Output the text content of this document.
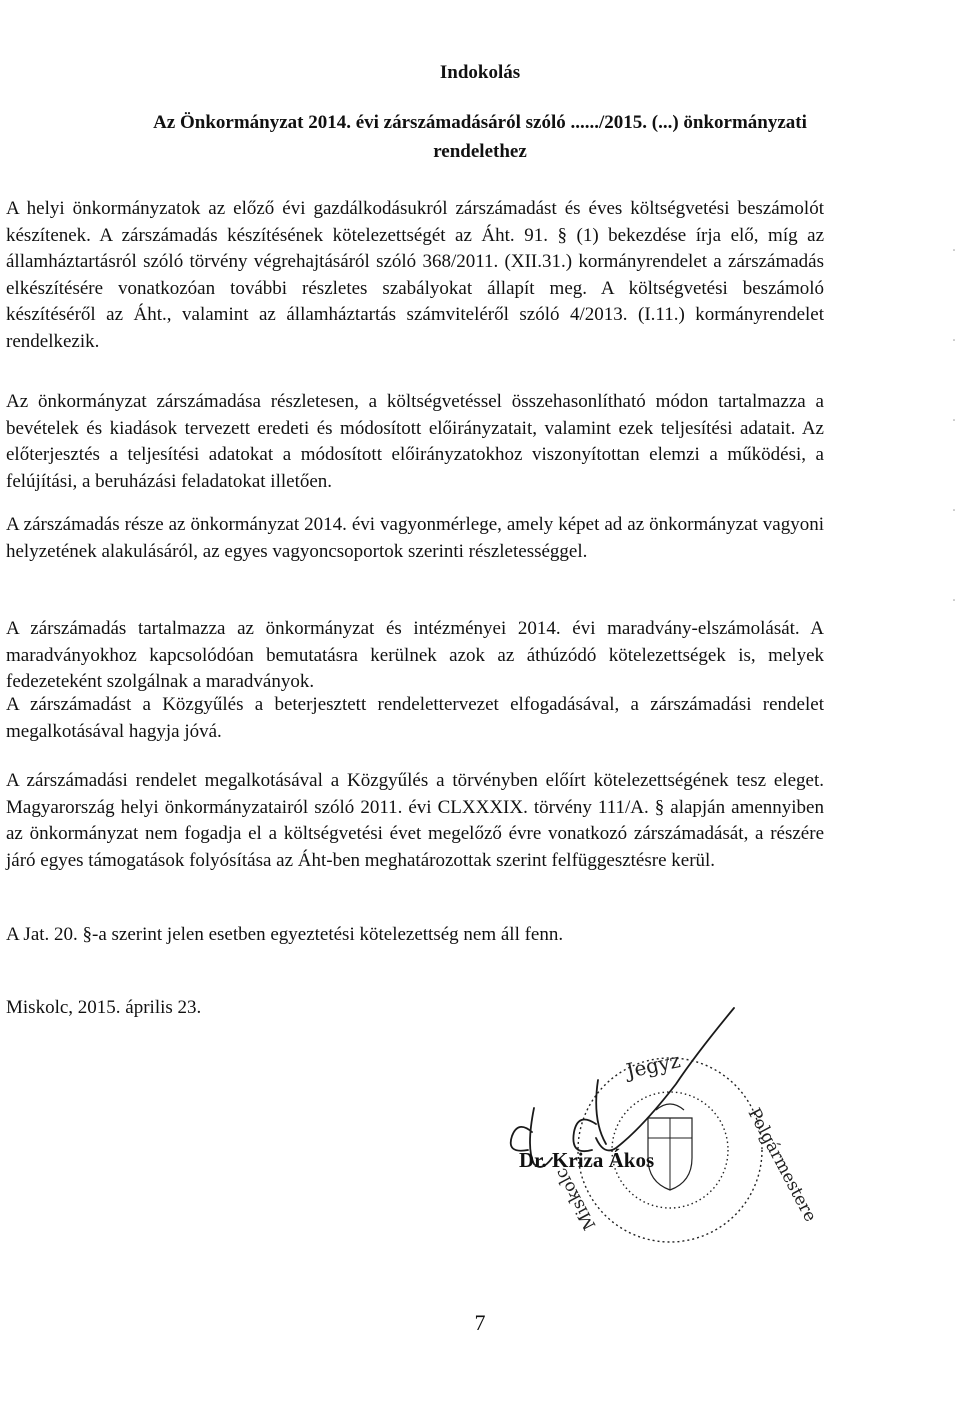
Indokolás
Az Önkormányzat 2014. évi zárszámadásáról szóló ....../2015. (...) önkormányzati
rendelethez
A helyi önkormányzatok az előző évi gazdálkodásukról zárszámadást és éves költségvetési beszámolót készítenek. A zárszámadás készítésének kötelezettségét az Áht. 91. § (1) bekezdése írja elő, míg az államháztartásról szóló törvény végrehajtásáról szóló 368/2011. (XII.31.) kormányrendelet a zárszámadás elkészítésére vonatkozóan további részletes szabályokat állapít meg. A költségvetési beszámoló készítéséről az Áht., valamint az államháztartás számviteléről szóló 4/2013. (I.11.) kormányrendelet rendelkezik.
Az önkormányzat zárszámadása részletesen, a költségvetéssel összehasonlítható módon tartalmazza a bevételek és kiadások tervezett eredeti és módosított előirányzatait, valamint ezek teljesítési adatait. Az előterjesztés a teljesítési adatokat a módosított előirányzatokhoz viszonyítottan elemzi a működési, a felújítási, a beruházási feladatokat illetően.
A zárszámadás része az önkormányzat 2014. évi vagyonmérlege, amely képet ad az önkormányzat vagyoni helyzetének alakulásáról, az egyes vagyoncsoportok szerinti részletességgel.
A zárszámadás tartalmazza az önkormányzat és intézményei 2014. évi maradvány-elszámolását. A maradványokhoz kapcsolódóan bemutatásra kerülnek azok az áthúzódó kötelezettségek is, melyek fedezeteként szolgálnak a maradványok.
A zárszámadást a Közgyűlés a beterjesztett rendelettervezet elfogadásával, a zárszámadási rendelet megalkotásával hagyja jóvá.
A zárszámadási rendelet megalkotásával a Közgyűlés a törvényben előírt kötelezettségének tesz eleget. Magyarország helyi önkormányzatairól szóló 2011. évi CLXXXIX. törvény 111/A. § alapján amennyiben az önkormányzat nem fogadja el a költségvetési évet megelőző évre vonatkozó zárszámadását, a részére járó egyes támogatások folyósítása az Áht-ben meghatározottak szerint felfüggesztésre kerül.
A Jat. 20. §-a szerint jelen esetben egyeztetési kötelezettség nem áll fenn.
Miskolc, 2015. április 23.
Jegyz
Polgármestere
Miskolc
Dr. Kriza Ákos
7
